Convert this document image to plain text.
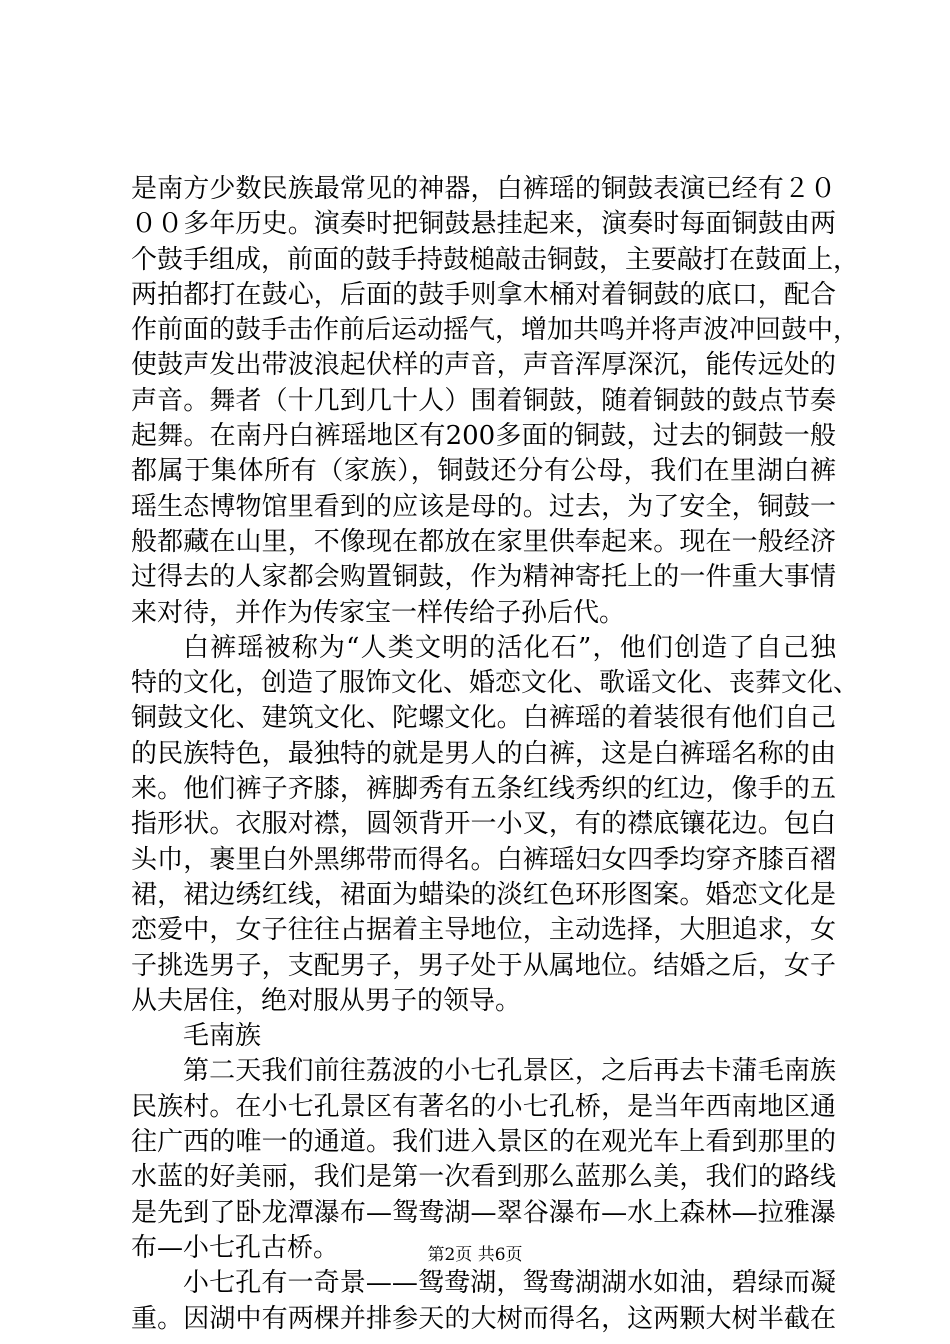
是南方少数民族最常见的神器，白裤瑶的铜鼓表演已经有２０
００多年历史。演奏时把铜鼓悬挂起来，演奏时每面铜鼓由两
个鼓手组成，前面的鼓手持鼓槌敲击铜鼓，主要敲打在鼓面上，
两拍都打在鼓心，后面的鼓手则拿木桶对着铜鼓的底口，配合
作前面的鼓手击作前后运动摇气，增加共鸣并将声波冲回鼓中，
使鼓声发出带波浪起伏样的声音，声音浑厚深沉，能传远处的
声音。舞者（十几到几十人）围着铜鼓，随着铜鼓的鼓点节奏
起舞。在南丹白裤瑶地区有200多面的铜鼓，过去的铜鼓一般
都属于集体所有（家族），铜鼓还分有公母，我们在里湖白裤
瑶生态博物馆里看到的应该是母的。过去，为了安全，铜鼓一
般都藏在山里，不像现在都放在家里供奉起来。现在一般经济
过得去的人家都会购置铜鼓，作为精神寄托上的一件重大事情
来对待，并作为传家宝一样传给子孙后代。
白裤瑶被称为“人类文明的活化石”，他们创造了自己独
特的文化，创造了服饰文化、婚恋文化、歌谣文化、丧葬文化、
铜鼓文化、建筑文化、陀螺文化。白裤瑶的着装很有他们自己
的民族特色，最独特的就是男人的白裤，这是白裤瑶名称的由
来。他们裤子齐膝，裤脚秀有五条红线秀织的红边，像手的五
指形状。衣服对襟，圆领背开一小叉，有的襟底镶花边。包白
头巾，裹里白外黑绑带而得名。白裤瑶妇女四季均穿齐膝百褶
裙，裙边绣红线，裙面为蜡染的淡红色环形图案。婚恋文化是
恋爱中，女子往往占据着主导地位，主动选择，大胆追求，女
子挑选男子，支配男子，男子处于从属地位。结婚之后，女子
从夫居住，绝对服从男子的领导。
毛南族
第二天我们前往荔波的小七孔景区，之后再去卡蒲毛南族
民族村。在小七孔景区有著名的小七孔桥，是当年西南地区通
往广西的唯一的通道。我们进入景区的在观光车上看到那里的
水蓝的好美丽，我们是第一次看到那么蓝那么美，我们的路线
是先到了卧龙潭瀑布—鸳鸯湖—翠谷瀑布—水上森林—拉雅瀑
布—小七孔古桥。
小七孔有一奇景——鸳鸯湖，鸳鸯湖湖水如油，碧绿而凝
重。因湖中有两棵并排参天的大树而得名，这两颗大树半截在
第2页 共6页
